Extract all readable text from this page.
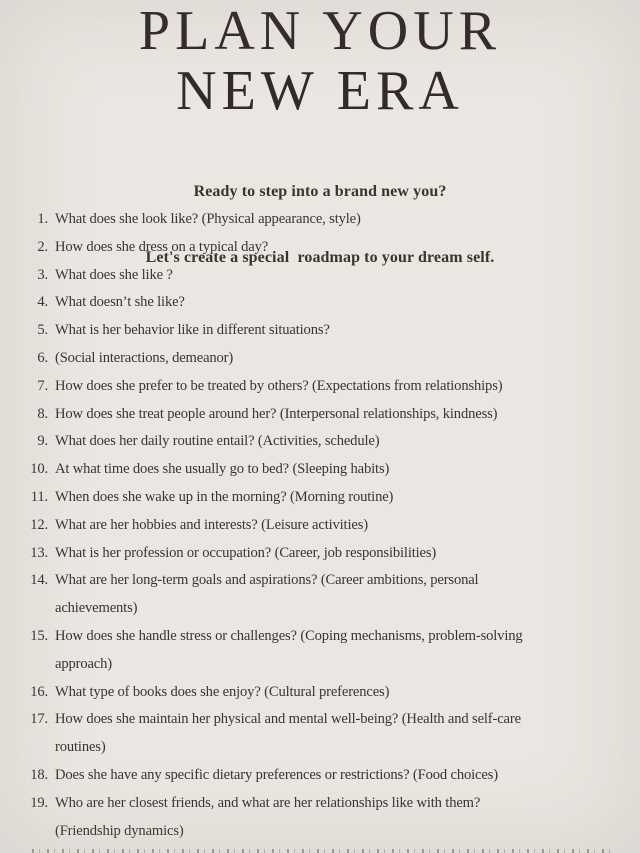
PLAN YOUR
NEW ERA

Ready to step into a brand new you?

Let's create a special  roadmap to your dream self.

1. What does she look like? (Physical appearance, style)
2. How does she dress on a typical day?
3. What does she like ?
4. What doesn’t she like?
5. What is her behavior like in different situations?
6. (Social interactions, demeanor)
7. How does she prefer to be treated by others? (Expectations from relationships)
8. How does she treat people around her? (Interpersonal relationships, kindness)
9. What does her daily routine entail? (Activities, schedule)
10. At what time does she usually go to bed? (Sleeping habits)
11. When does she wake up in the morning? (Morning routine)
12. What are her hobbies and interests? (Leisure activities)
13. What is her profession or occupation? (Career, job responsibilities)
14. What are her long-term goals and aspirations? (Career ambitions, personal
achievements)
15. How does she handle stress or challenges? (Coping mechanisms, problem-solving
approach)
16. What type of books does she enjoy? (Cultural preferences)
17. How does she maintain her physical and mental well-being? (Health and self-care
routines)
18. Does she have any specific dietary preferences or restrictions? (Food choices)
19. Who are her closest friends, and what are her relationships like with them?
(Friendship dynamics)
